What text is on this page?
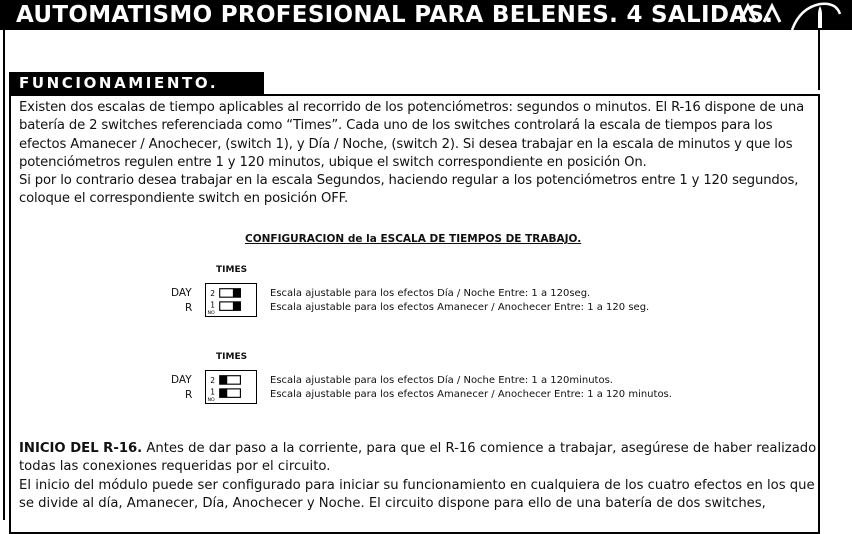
AUTOMATISMO PROFESIONAL PARA BELENES. 4 SALIDAS.
FUNCIONAMIENTO.
Existen dos escalas de tiempo aplicables al recorrido de los potenciómetros: segundos o minutos. El R-16 dispone de una
batería de 2 switches referenciada como “Times”. Cada uno de los switches controlará la escala de tiempos para los
efectos Amanecer / Anochecer, (switch 1), y Día / Noche, (switch 2). Si desea trabajar en la escala de minutos y que los
potenciómetros regulen entre 1 y 120 minutos, ubique el switch correspondiente en posición On.
Si por lo contrario desea trabajar en la escala Segundos, haciendo regular a los potenciómetros entre 1 y 120 segundos,
coloque el correspondiente switch en posición OFF.
CONFIGURACION de la ESCALA DE TIEMPOS DE TRABAJO.
TIMES
DAY
R
2
1
NO
Escala ajustable para los efectos Día / Noche Entre: 1 a 120seg.
Escala ajustable para los efectos Amanecer / Anochecer Entre: 1 a 120 seg.
TIMES
DAY
R
2
1
NO
Escala ajustable para los efectos Día / Noche Entre: 1 a 120minutos.
Escala ajustable para los efectos Amanecer / Anochecer Entre: 1 a 120 minutos.
INICIO DEL R-16. Antes de dar paso a la corriente, para que el R-16 comience a trabajar, asegúrese de haber realizado
todas las conexiones requeridas por el circuito.
El inicio del módulo puede ser configurado para iniciar su funcionamiento en cualquiera de los cuatro efectos en los que
se divide al día, Amanecer, Día, Anochecer y Noche. El circuito dispone para ello de una batería de dos switches,
